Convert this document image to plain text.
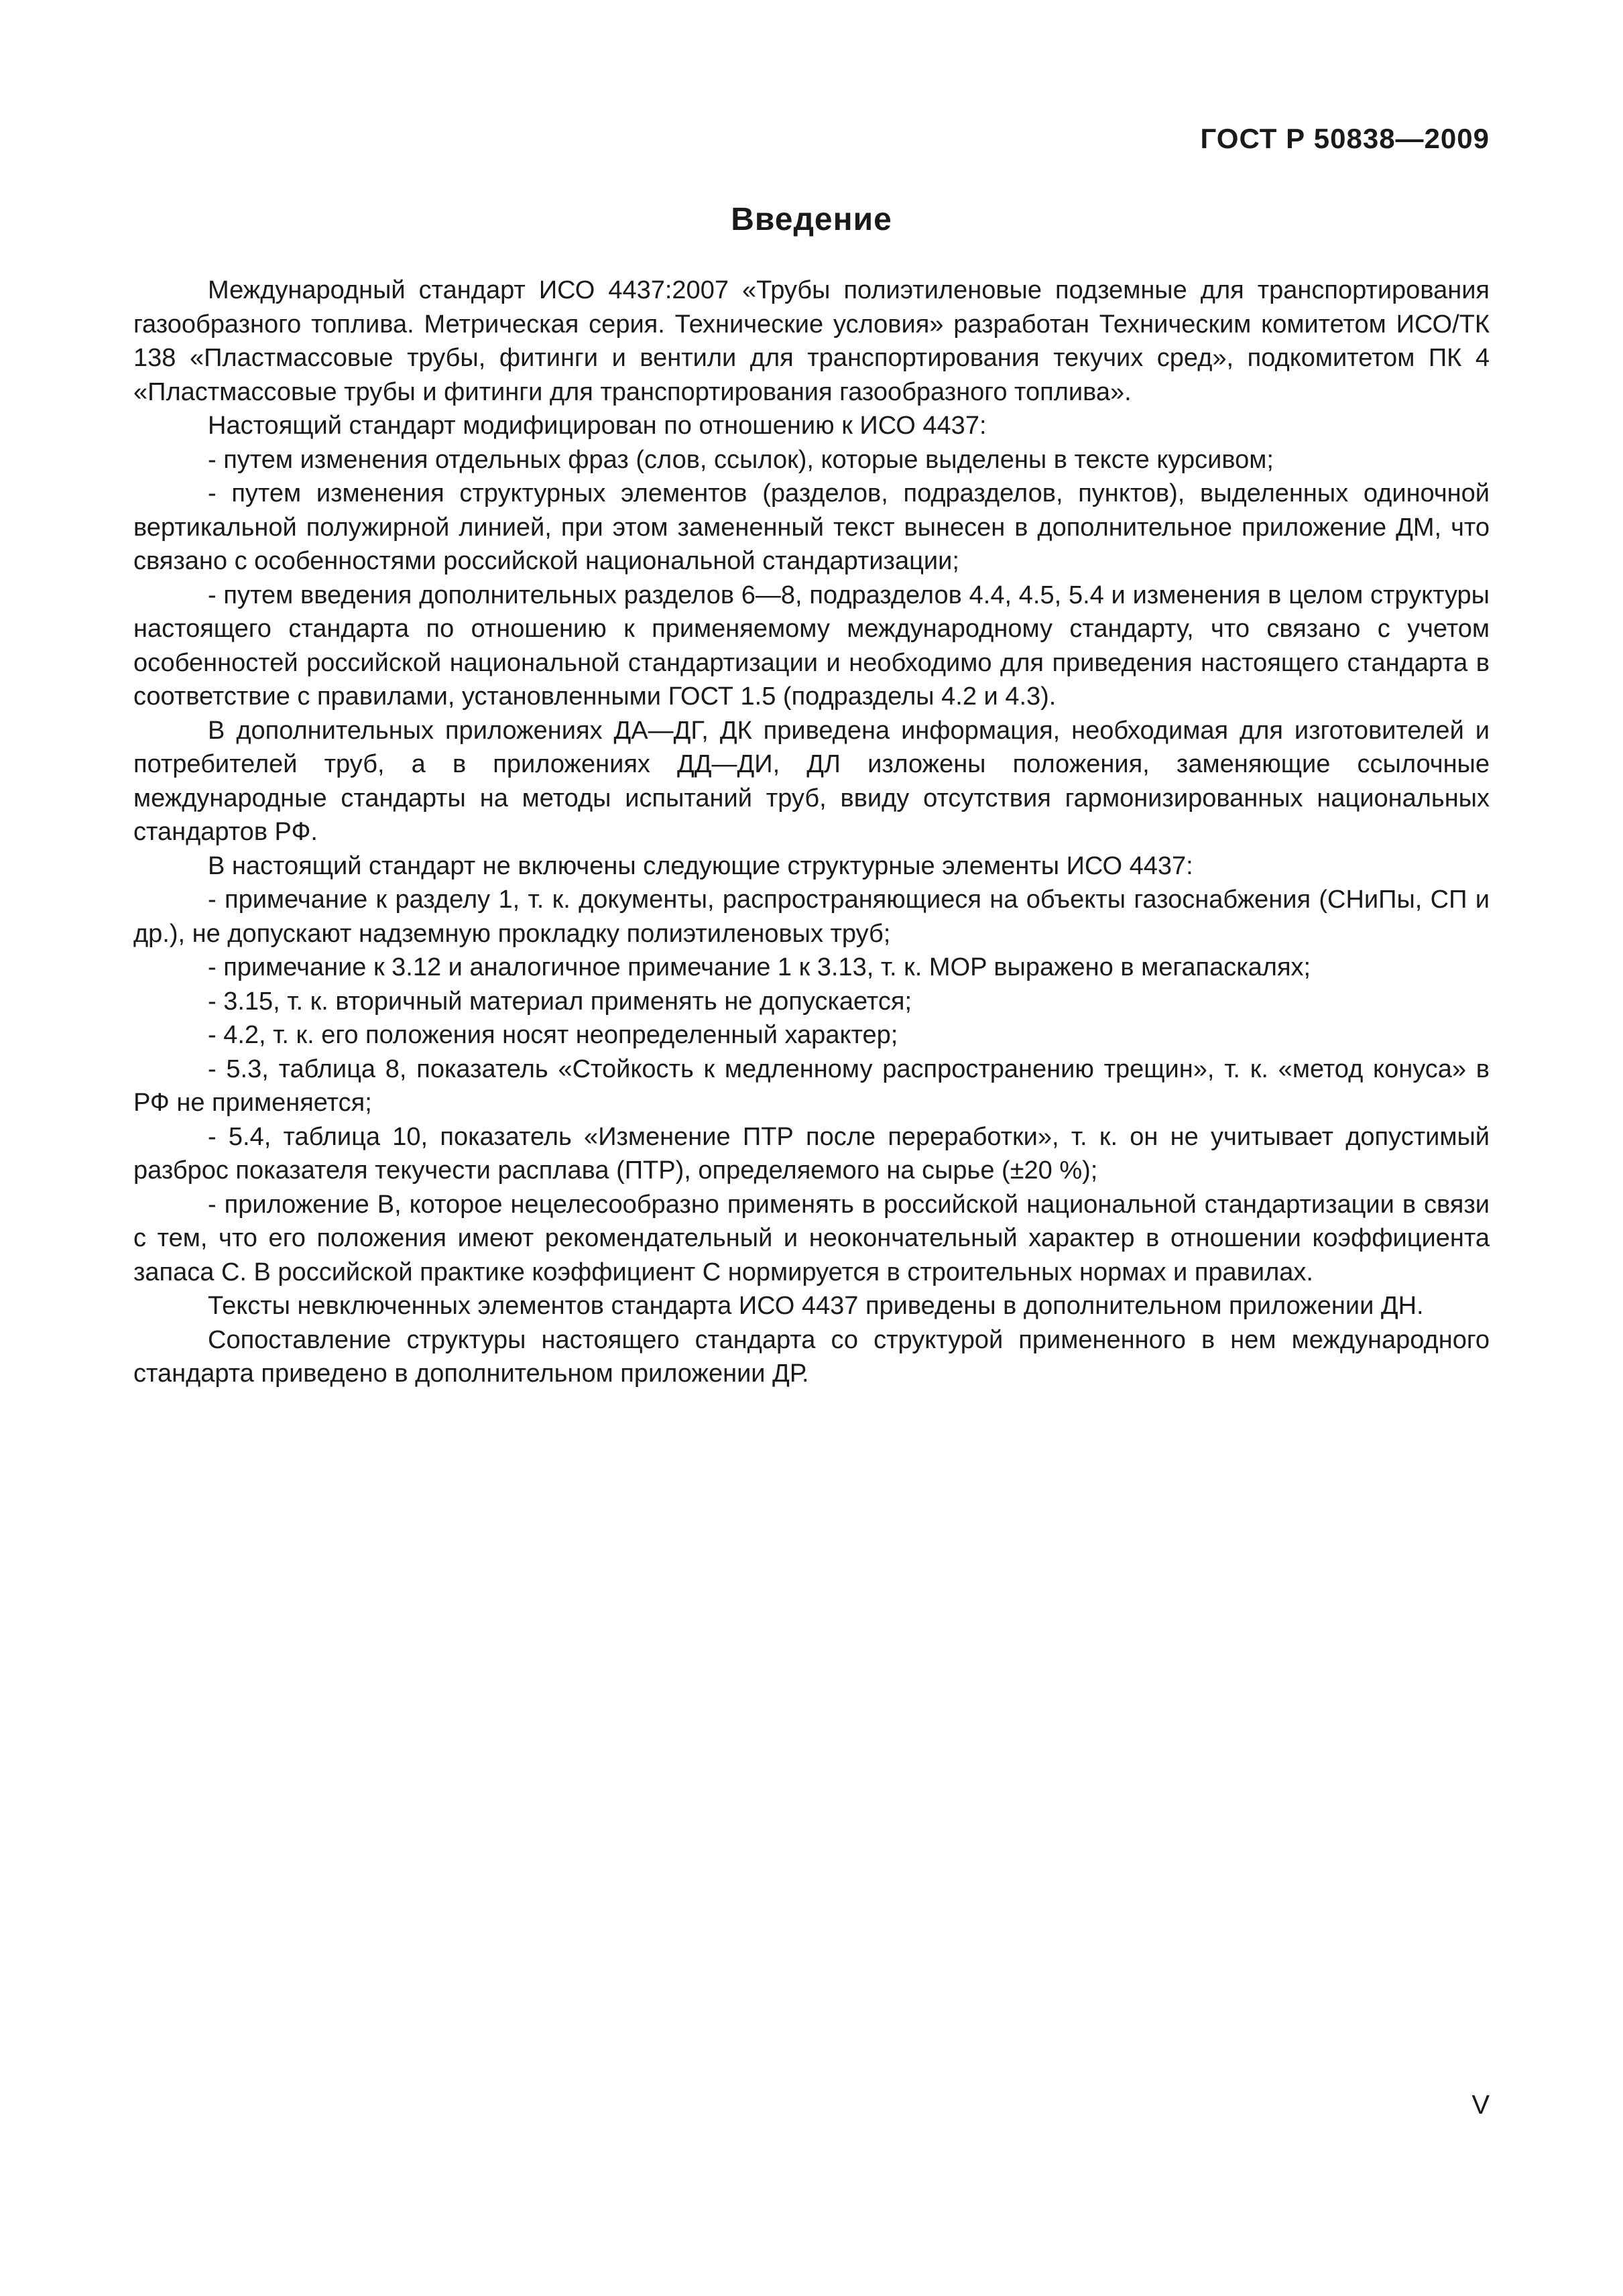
ГОСТ Р 50838—2009
Введение

Международный стандарт ИСО 4437:2007 «Трубы полиэтиленовые подземные для транспортирования газообразного топлива. Метрическая серия. Технические условия» разработан Техническим комитетом ИСО/ТК 138 «Пластмассовые трубы, фитинги и вентили для транспортирования текучих сред», подкомитетом ПК 4 «Пластмассовые трубы и фитинги для транспортирования газообразного топлива».

Настоящий стандарт модифицирован по отношению к ИСО 4437:

- путем изменения отдельных фраз (слов, ссылок), которые выделены в тексте курсивом;

- путем изменения структурных элементов (разделов, подразделов, пунктов), выделенных одиночной вертикальной полужирной линией, при этом замененный текст вынесен в дополнительное приложение ДМ, что связано с особенностями российской национальной стандартизации;

- путем введения дополнительных разделов 6—8, подразделов 4.4, 4.5, 5.4 и изменения в целом структуры настоящего стандарта по отношению к применяемому международному стандарту, что связано с учетом особенностей российской национальной стандартизации и необходимо для приведения настоящего стандарта в соответствие с правилами, установленными ГОСТ 1.5 (подразделы 4.2 и 4.3).

В дополнительных приложениях ДА—ДГ, ДК приведена информация, необходимая для изготовителей и потребителей труб, а в приложениях ДД—ДИ, ДЛ изложены положения, заменяющие ссылочные международные стандарты на методы испытаний труб, ввиду отсутствия гармонизированных национальных стандартов РФ.

В настоящий стандарт не включены следующие структурные элементы ИСО 4437:

- примечание к разделу 1, т. к. документы, распространяющиеся на объекты газоснабжения (СНиПы, СП и др.), не допускают надземную прокладку полиэтиленовых труб;

- примечание к 3.12 и аналогичное примечание 1 к 3.13, т. к. MOP выражено в мегапаскалях;

- 3.15, т. к. вторичный материал применять не допускается;

- 4.2, т. к. его положения носят неопределенный характер;

- 5.3, таблица 8, показатель «Стойкость к медленному распространению трещин», т. к. «метод конуса» в РФ не применяется;

- 5.4, таблица 10, показатель «Изменение ПТР после переработки», т. к. он не учитывает допустимый разброс показателя текучести расплава (ПТР), определяемого на сырье (±20 %);

- приложение В, которое нецелесообразно применять в российской национальной стандартизации в связи с тем, что его положения имеют рекомендательный и неокончательный характер в отношении коэффициента запаса C. В российской практике коэффициент C нормируется в строительных нормах и правилах.

Тексты невключенных элементов стандарта ИСО 4437 приведены в дополнительном приложении ДН.

Сопоставление структуры настоящего стандарта со структурой примененного в нем международного стандарта приведено в дополнительном приложении ДР.

V
